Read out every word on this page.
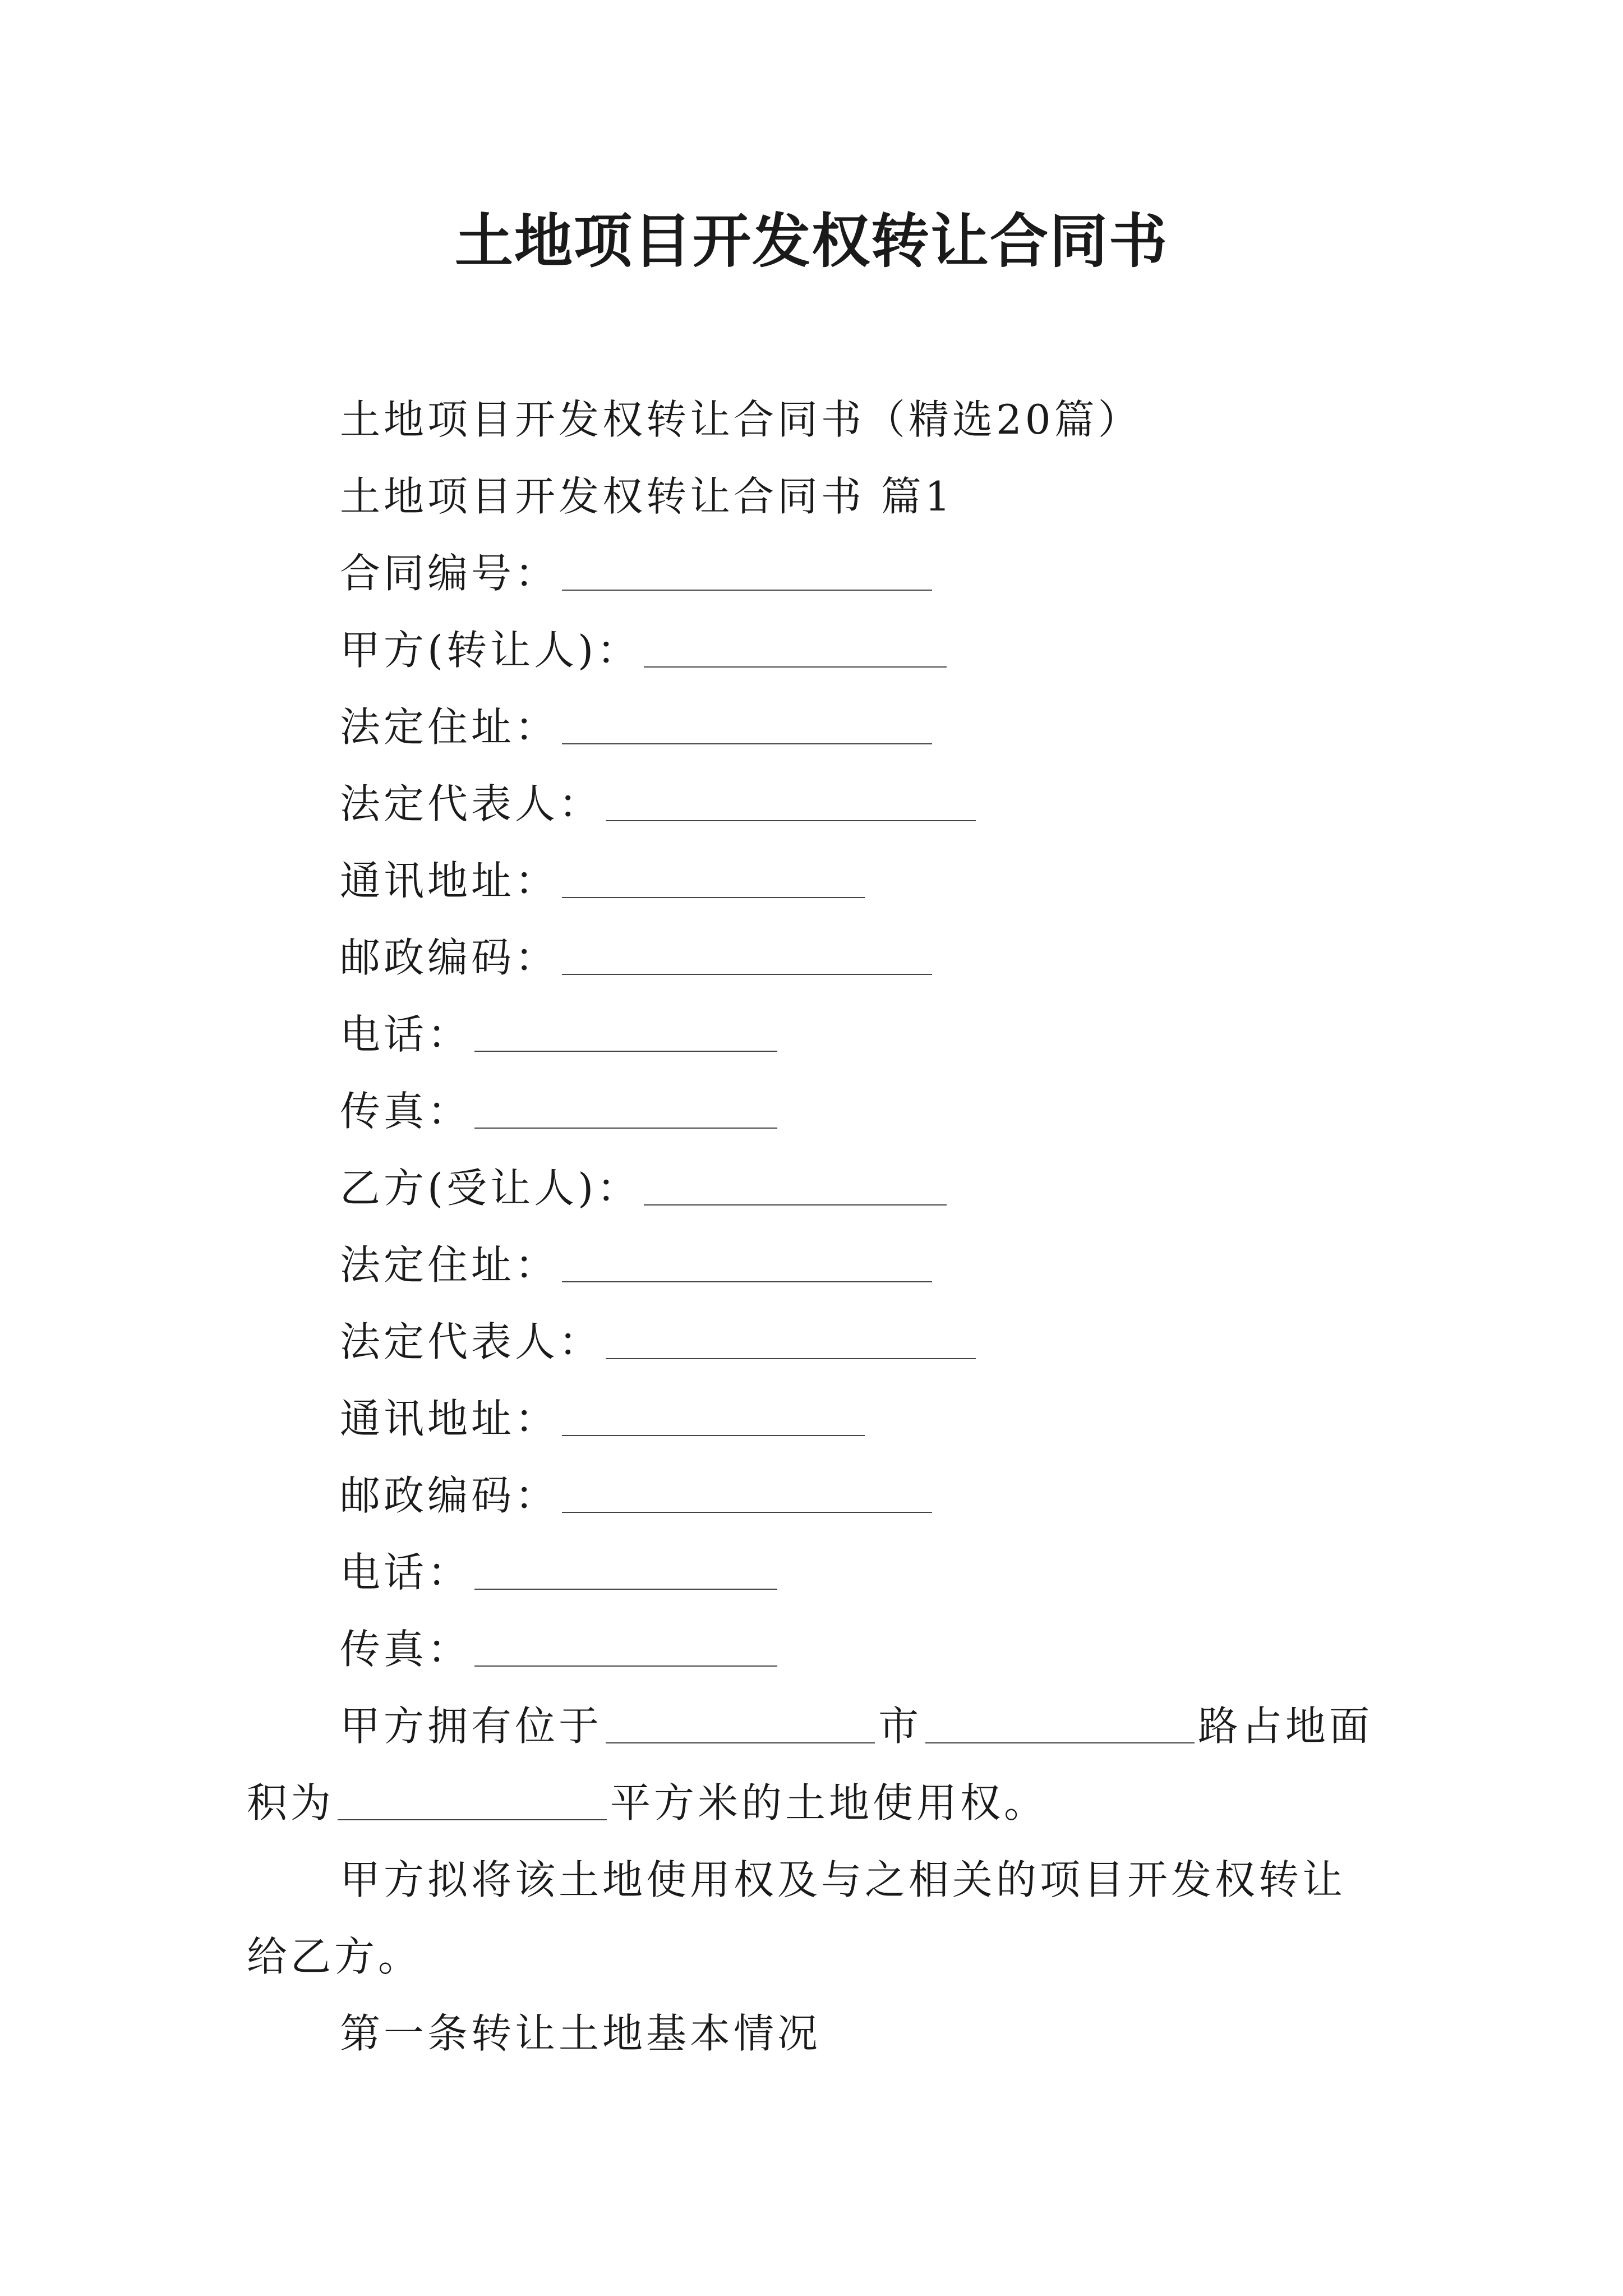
土地项目开发权转让合同书
土地项目开发权转让合同书（精选20篇）
土地项目开发权转让合同书 篇1
合同编号：
甲方(转让人)：
法定住址：
法定代表人：
通讯地址：
邮政编码：
电话：
传真：
乙方(受让人)：
法定住址：
法定代表人：
通讯地址：
邮政编码：
电话：
传真：
甲方拥有位于	市	路占地面
积为	平方米的土地使用权。
甲方拟将该土地使用权及与之相关的项目开发权转让
给乙方。
第一条转让土地基本情况
